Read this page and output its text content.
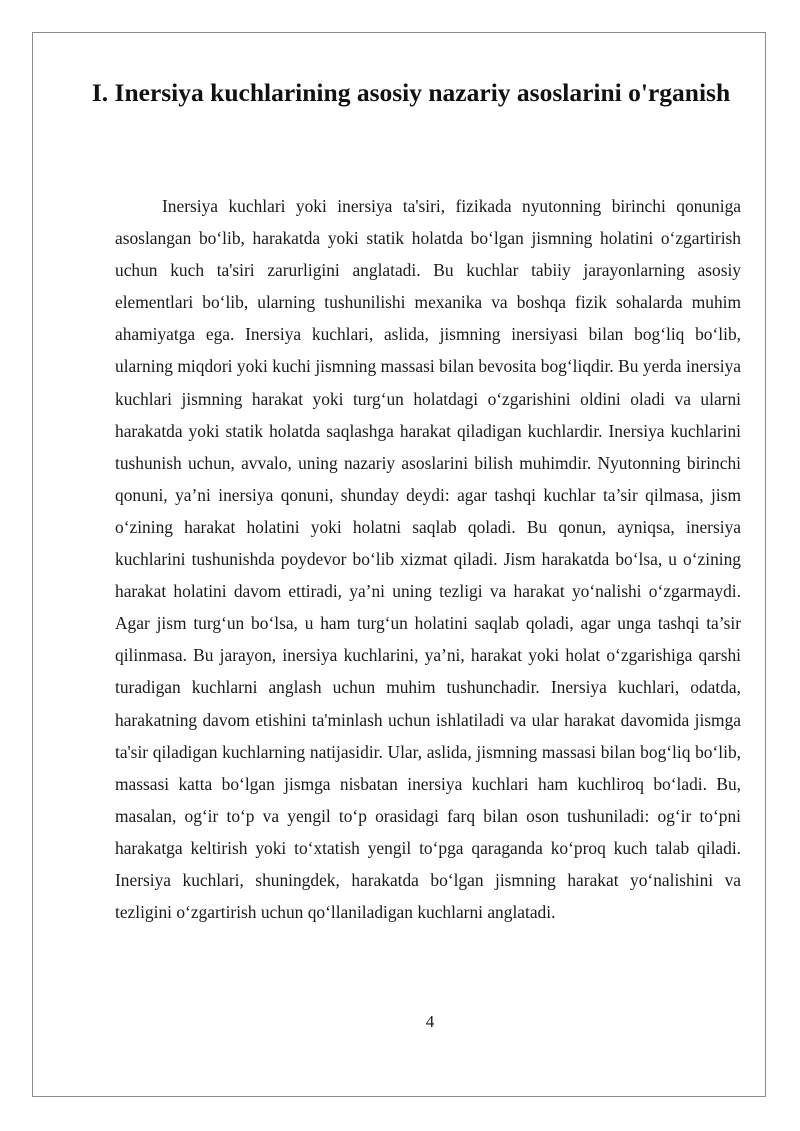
I. Inersiya kuchlarining asosiy nazariy asoslarini o'rganish

Inersiya kuchlari yoki inersiya ta'siri, fizikada nyutonning birinchi qonuniga asoslangan bo‘lib, harakatda yoki statik holatda bo‘lgan jismning holatini o‘zgartirish uchun kuch ta'siri zarurligini anglatadi. Bu kuchlar tabiiy jarayonlarning asosiy elementlari bo‘lib, ularning tushunilishi mexanika va boshqa fizik sohalarda muhim ahamiyatga ega. Inersiya kuchlari, aslida, jismning inersiyasi bilan bog‘liq bo‘lib, ularning miqdori yoki kuchi jismning massasi bilan bevosita bog‘liqdir. Bu yerda inersiya kuchlari jismning harakat yoki turg‘un holatdagi o‘zgarishini oldini oladi va ularni harakatda yoki statik holatda saqlashga harakat qiladigan kuchlardir. Inersiya kuchlarini tushunish uchun, avvalo, uning nazariy asoslarini bilish muhimdir. Nyutonning birinchi qonuni, ya’ni inersiya qonuni, shunday deydi: agar tashqi kuchlar ta’sir qilmasa, jism o‘zining harakat holatini yoki holatni saqlab qoladi. Bu qonun, ayniqsa, inersiya kuchlarini tushunishda poydevor bo‘lib xizmat qiladi. Jism harakatda bo‘lsa, u o‘zining harakat holatini davom ettiradi, ya’ni uning tezligi va harakat yo‘nalishi o‘zgarmaydi. Agar jism turg‘un bo‘lsa, u ham turg‘un holatini saqlab qoladi, agar unga tashqi ta’sir qilinmasa. Bu jarayon, inersiya kuchlarini, ya’ni, harakat yoki holat o‘zgarishiga qarshi turadigan kuchlarni anglash uchun muhim tushunchadir. Inersiya kuchlari, odatda, harakatning davom etishini ta'minlash uchun ishlatiladi va ular harakat davomida jismga ta'sir qiladigan kuchlarning natijasidir. Ular, aslida, jismning massasi bilan bog‘liq bo‘lib, massasi katta bo‘lgan jismga nisbatan inersiya kuchlari ham kuchliroq bo‘ladi. Bu, masalan, og‘ir to‘p va yengil to‘p orasidagi farq bilan oson tushuniladi: og‘ir to‘pni harakatga keltirish yoki to‘xtatish yengil to‘pga qaraganda ko‘proq kuch talab qiladi. Inersiya kuchlari, shuningdek, harakatda bo‘lgan jismning harakat yo‘nalishini va tezligini o‘zgartirish uchun qo‘llaniladigan kuchlarni anglatadi.

4
